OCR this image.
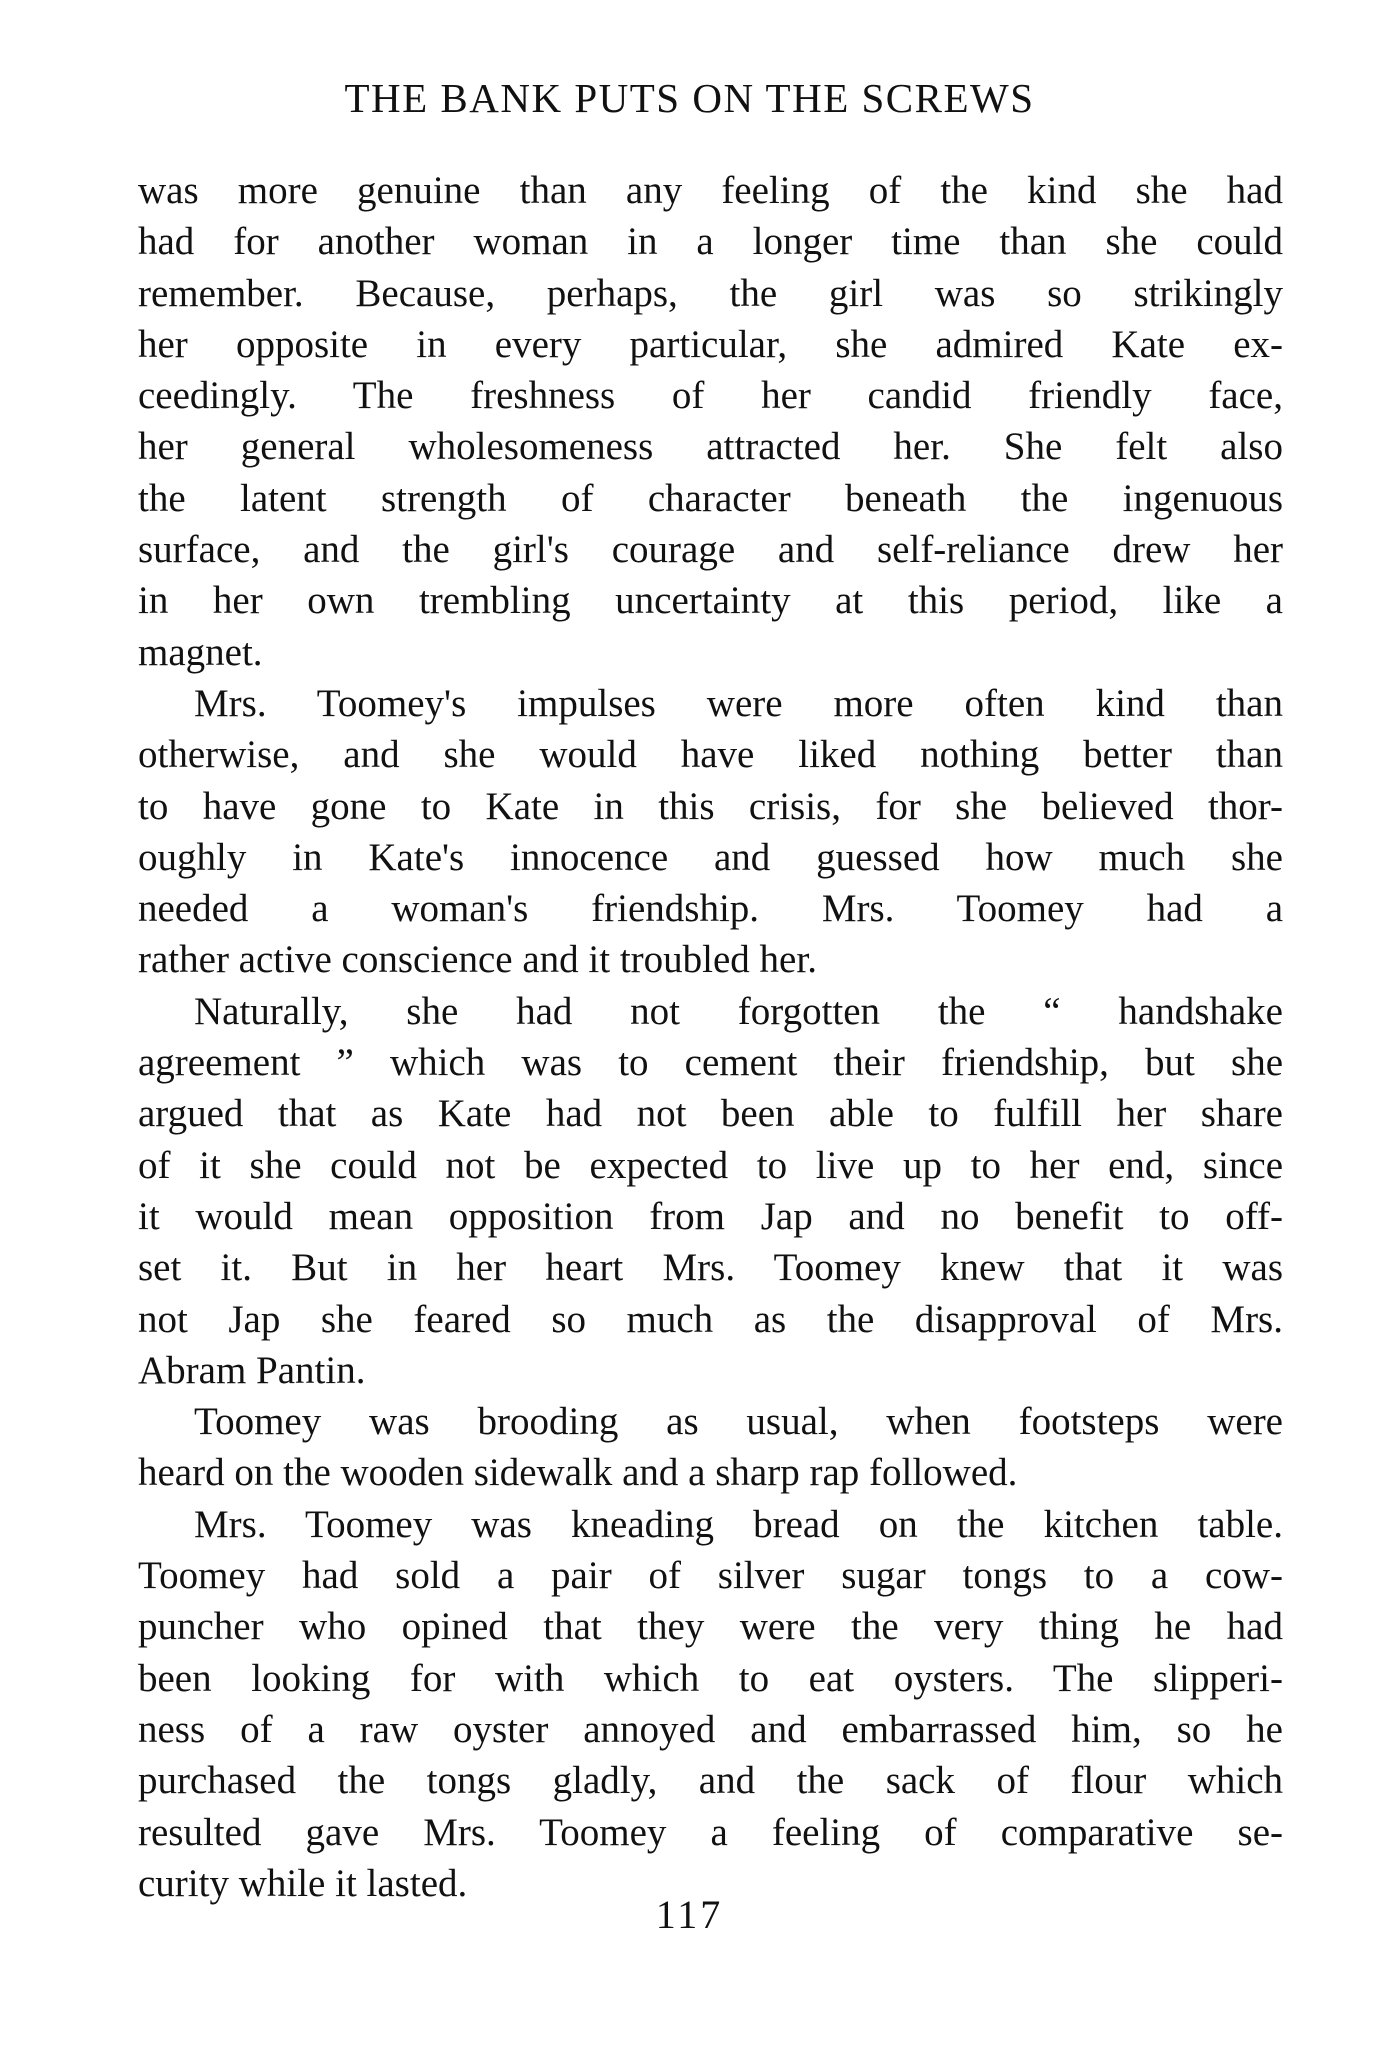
THE BANK PUTS ON THE SCREWS
was more genuine than any feeling of the kind she had
had for another woman in a longer time than she could
remember. Because, perhaps, the girl was so strikingly
her opposite in every particular, she admired Kate ex-
ceedingly. The freshness of her candid friendly face,
her general wholesomeness attracted her. She felt also
the latent strength of character beneath the ingenuous
surface, and the girl's courage and self-reliance drew her
in her own trembling uncertainty at this period, like a
magnet.
Mrs. Toomey's impulses were more often kind than
otherwise, and she would have liked nothing better than
to have gone to Kate in this crisis, for she believed thor-
oughly in Kate's innocence and guessed how much she
needed a woman's friendship. Mrs. Toomey had a
rather active conscience and it troubled her.
Naturally, she had not forgotten the “ handshake
agreement ” which was to cement their friendship, but she
argued that as Kate had not been able to fulfill her share
of it she could not be expected to live up to her end, since
it would mean opposition from Jap and no benefit to off-
set it. But in her heart Mrs. Toomey knew that it was
not Jap she feared so much as the disapproval of Mrs.
Abram Pantin.
Toomey was brooding as usual, when footsteps were
heard on the wooden sidewalk and a sharp rap followed.
Mrs. Toomey was kneading bread on the kitchen table.
Toomey had sold a pair of silver sugar tongs to a cow-
puncher who opined that they were the very thing he had
been looking for with which to eat oysters. The slipperi-
ness of a raw oyster annoyed and embarrassed him, so he
purchased the tongs gladly, and the sack of flour which
resulted gave Mrs. Toomey a feeling of comparative se-
curity while it lasted.
117
